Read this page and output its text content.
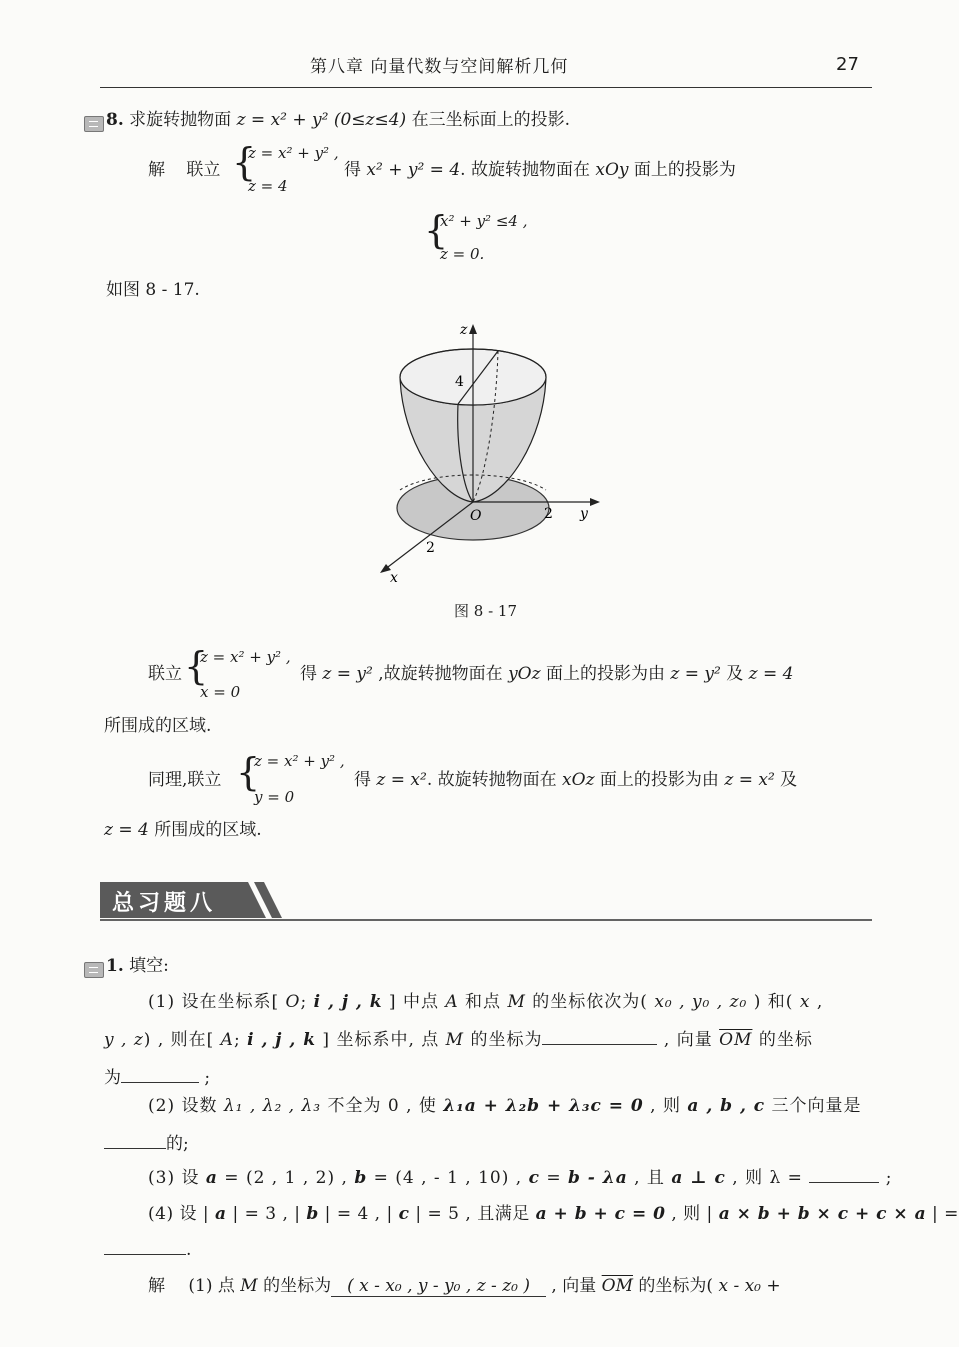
第八章 向量代数与空间解析几何	27
8. 求旋转抛物面 z = x² + y² (0≤z≤4) 在三坐标面上的投影.
解 联立 {
z = x² + y² ,
z = 4
得 x² + y² = 4. 故旋转抛物面在 xOy 面上的投影为
{
x² + y² ≤4 ,
z = 0.
如图 8 - 17.
z
4
O	2 y
2
x
图 8 - 17
联立 {
z = x² + y² ,
x = 0
得 z = y² ,故旋转抛物面在 yOz 面上的投影为由 z = y² 及 z = 4
所围成的区域.
同理,联立 {
z = x² + y² ,
y = 0
得 z = x². 故旋转抛物面在 xOz 面上的投影为由 z = x² 及
z = 4 所围成的区域.
总习题八
1. 填空:
(1) 设在坐标系[ O; i , j , k ] 中点 A 和点 M 的坐标依次为( x₀ , y₀ , z₀ ) 和( x ,
y , z) , 则在[ A; i , j , k ] 坐标系中, 点 M 的坐标为	, 向量 $\overline{OM}$ 的坐标
为	;
(2) 设数 λ₁ , λ₂ , λ₃ 不全为 0 , 使 λ₁a + λ₂b + λ₃c = 0 , 则 a , b , c 三个向量是
的;
(3) 设 a = (2 , 1 , 2) , b = (4 , - 1 , 10) , c = b - λa , 且 a ⊥ c , 则 λ =	;
(4) 设 | a | = 3 , | b | = 4 , | c | = 5 , 且满足 a + b + c = 0 , 则 | a × b + b × c + c × a | =
.
解 (1) 点 M 的坐标为 ( x - x₀ , y - y₀ , z - z₀ ) , 向量 $\overline{OM}$ 的坐标为( x - x₀ +
